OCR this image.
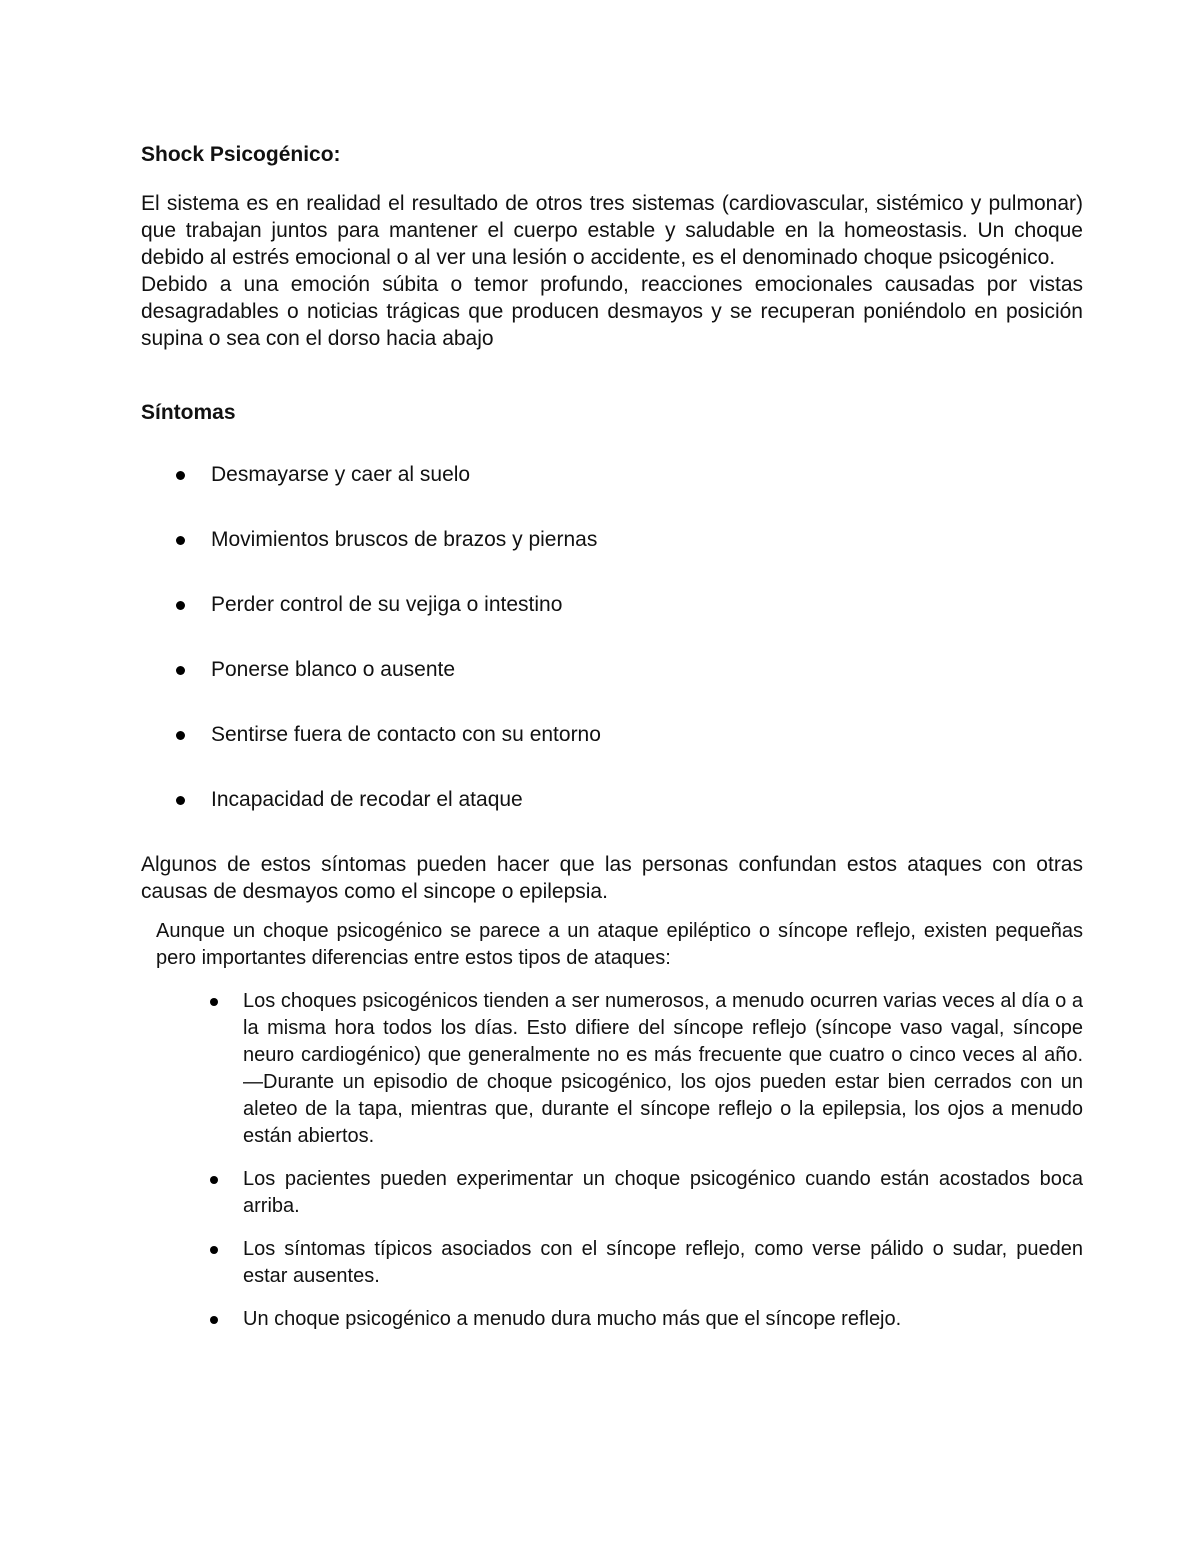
Shock Psicogénico:

El sistema es en realidad el resultado de otros tres sistemas (cardiovascular, sistémico y pulmonar) que trabajan juntos para mantener el cuerpo estable y saludable en la homeostasis. Un choque debido al estrés emocional o al ver una lesión o accidente, es el denominado choque psicogénico.

Debido a una emoción súbita o temor profundo, reacciones emocionales causadas por vistas desagradables o noticias trágicas que producen desmayos y se recuperan poniéndolo en posición supina o sea con el dorso hacia abajo

Síntomas
Desmayarse y caer al suelo
Movimientos bruscos de brazos y piernas
Perder control de su vejiga o intestino
Ponerse blanco o ausente
Sentirse fuera de contacto con su entorno
Incapacidad de recodar el ataque

Algunos de estos síntomas pueden hacer que las personas confundan estos ataques con otras causas de desmayos como el sincope o epilepsia.

Aunque un choque psicogénico se parece a un ataque epiléptico o síncope reflejo, existen pequeñas pero importantes diferencias entre estos tipos de ataques:

Los choques psicogénicos tienden a ser numerosos, a menudo ocurren varias veces al día o a la misma hora todos los días. Esto difiere del síncope reflejo (síncope vaso vagal, síncope neuro cardiogénico) que generalmente no es más frecuente que cuatro o cinco veces al año. ―Durante un episodio de choque psicogénico, los ojos pueden estar bien cerrados con un aleteo de la tapa, mientras que, durante el síncope reflejo o la epilepsia, los ojos a menudo están abiertos.
Los pacientes pueden experimentar un choque psicogénico cuando están acostados boca arriba.
Los síntomas típicos asociados con el síncope reflejo, como verse pálido o sudar, pueden estar ausentes.
Un choque psicogénico a menudo dura mucho más que el síncope reflejo.
